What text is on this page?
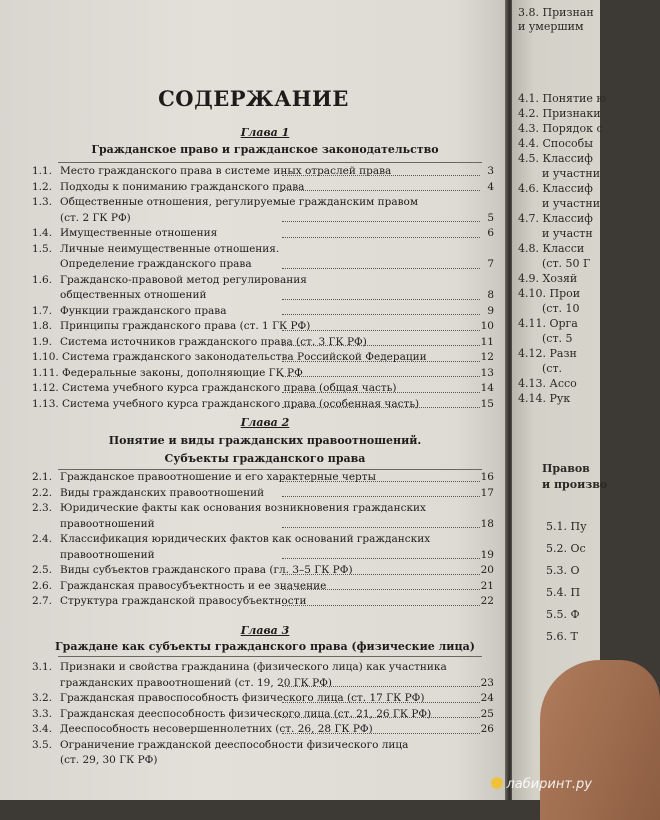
СОДЕРЖАНИЕ
Глава 1
Гражданское право и гражданское законодательство
1.1. Место гражданского права в системе иных отраслей права	3
1.2. Подходы к пониманию гражданского права	4
1.3. Общественные отношения, регулируемые гражданским правом
(ст. 2 ГК РФ)	5
1.4. Имущественные отношения	6
1.5. Личные неимущественные отношения.
Определение гражданского права	7
1.6. Гражданско-правовой метод регулирования
общественных отношений	8
1.7. Функции гражданского права	9
1.8. Принципы гражданского права (ст. 1 ГК РФ)	10
1.9. Система источников гражданского права (ст. 3 ГК РФ)	11
1.10. Система гражданского законодательства Российской Федерации	12
1.11. Федеральные законы, дополняющие ГК РФ	13
1.12. Система учебного курса гражданского права (общая часть)	14
1.13. Система учебного курса гражданского права (особенная часть)	15
Глава 2
Понятие и виды гражданских правоотношений.
Субъекты гражданского права
2.1. Гражданское правоотношение и его характерные черты	16
2.2. Виды гражданских правоотношений	17
2.3. Юридические факты как основания возникновения гражданских
правоотношений	18
2.4. Классификация юридических фактов как оснований гражданских
правоотношений	19
2.5. Виды субъектов гражданского права (гл. 3–5 ГК РФ)	20
2.6. Гражданская правосубъектность и ее значение	21
2.7. Структура гражданской правосубъектности	22
Глава 3
Граждане как субъекты гражданского права (физические лица)
3.1. Признаки и свойства гражданина (физического лица) как участника
гражданских правоотношений (ст. 19, 20 ГК РФ)	23
3.2. Гражданская правоспособность физического лица (ст. 17 ГК РФ)	24
3.3. Гражданская дееспособность физического лица (ст. 21, 26 ГК РФ)	25
3.4. Дееспособность несовершеннолетних (ст. 26, 28 ГК РФ)	26
3.5. Ограничение гражданской дееспособности физического лица
(ст. 29, 30 ГК РФ)
3.8. Признан
и умершим
4.1. Понятие ю
4.2. Признаки
4.3. Порядок с
4.4. Способы
4.5. Классиф
и участни
4.6. Классиф
и участни
4.7. Классиф
и участн
4.8. Класси
(ст. 50 Г
4.9. Хозяй
4.10. Прои
(ст. 10
4.11. Орга
(ст. 5
4.12. Разн
(ст.
4.13. Ассо
4.14. Рук
Правов
и произво
5.1. Пу
5.2. Ос
5.3. О
5.4. П
5.5. Ф
5.6. Т
лабиринт.ру
